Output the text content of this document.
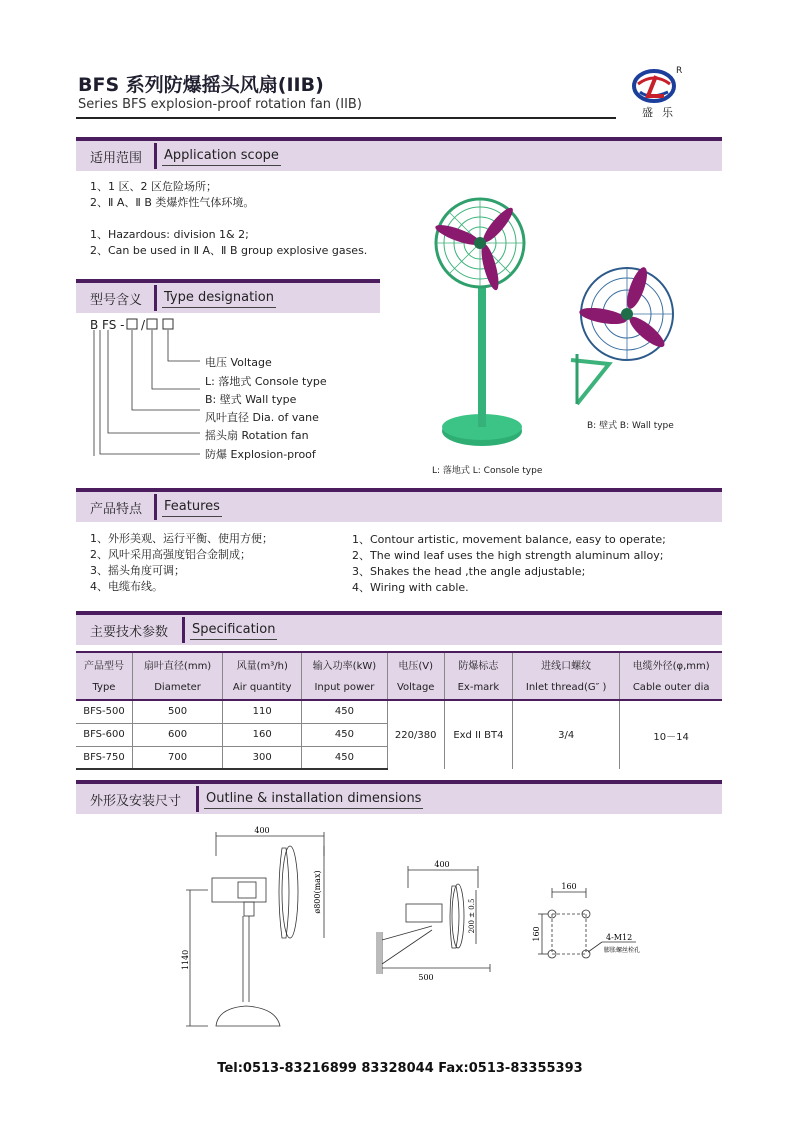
BFS 系列防爆摇头风扇(IIB)
Series BFS explosion-proof rotation fan (IIB)
R
盛乐
适用范围 Application scope
1、1 区、2 区危险场所；
2、Ⅱ A、Ⅱ B 类爆炸性气体环境。
1、Hazardous: division 1& 2;
2、Can be used in Ⅱ A、Ⅱ B group explosive gases.
型号含义 Type designation
B FS - /
电压 Voltage
L: 落地式 Console type
B: 壁式 Wall type
风叶直径 Dia. of vane
摇头扇 Rotation fan
防爆 Explosion-proof
L: 落地式 L: Console type
B: 壁式 B: Wall type
产品特点 Features
1、外形美观、运行平衡、使用方便；
2、风叶采用高强度铝合金制成；
3、摇头角度可调；
4、电缆布线。
1、Contour artistic, movement balance, easy to operate;
2、The wind leaf uses the high strength aluminum alloy;
3、Shakes the head ,the angle adjustable;
4、Wiring with cable.
主要技术参数 Specification
产品型号	扇叶直径(mm)	风量(m³/h)	输入功率(kW)	电压(V)	防爆标志	进线口螺纹	电缆外径(φ,mm)
Type	Diameter	Air quantity	Input power	Voltage	Ex-mark	Inlet thread(G″ )	Cable outer dia
BFS-500	500	110	450	220/380	Exd II BT4	3/4	10－14
BFS-600	600	160	450				
BFS-750	700	300	450				
外形及安装尺寸 Outline & installation dimensions
400
1140
ø800(max)
400
200 ± 0.5
500
160
160	4-M12
膨胀螺丝栓孔
Tel:0513-83216899 83328044 Fax:0513-83355393
